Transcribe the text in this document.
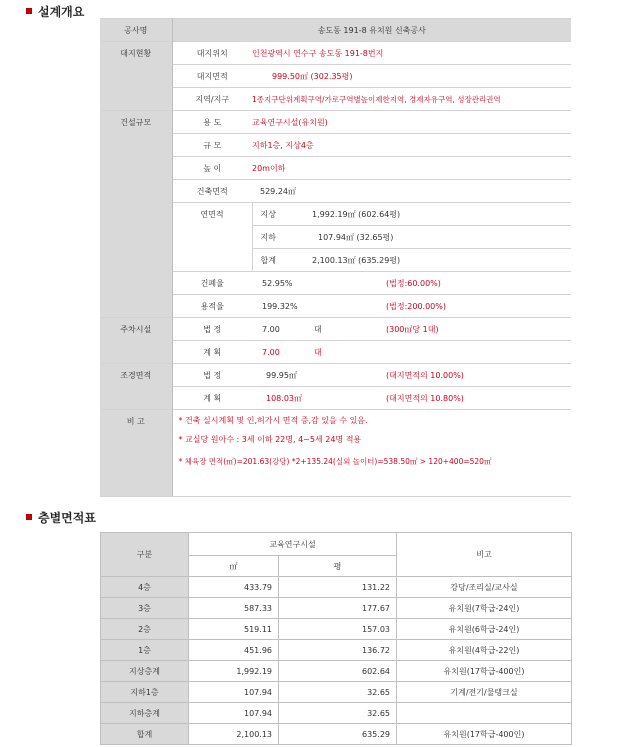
설계개요
공사명	송도동 191-8 유치원 신축공사			
대지현황	대지위치	인천광역시 연수구 송도동 191-8번지		
	대지면적	999.50㎡ (302.35평)		
	지역/지구	1종지구단위계획구역/가로구역별높이제한지역, 경제자유구역, 성장관리권역		
건설규모	용 도	교육연구시설(유치원)		
	규 모	지하1층, 지상4층		
	높 이	20m이하		
	건축면적	529.24㎡		
	연면적	지상	1,992.19㎡ (602.64평)	
		지하	107.94㎡ (32.65평)	
		합계	2,100.13㎡ (635.29평)	
	건폐율	52.95%		(법정:60.00%)
	용적율	199.32%		(법정:200.00%)
주차시설	법 정	7.00	대	(300㎡당 1대)
	계 획	7.00	대	
조경면적	법 정	99.95㎡		(대지면적의 10.00%)
	계 획	108.03㎡		(대지면적의 10.80%)
비 고	* 건축 실시계획 및 인,허가시 면적 증,감 있을 수 있음.
* 교실당 원아수 : 3세 이하 22명, 4~5세 24명 적용
* 체육장 면적(㎡)=201.63(강당) *2+135.24(실외 놀이터)=538.50㎡ > 120+400=520㎡			
층별면적표
구분	교육연구시설		비고
	㎡	평	
4층	433.79	131.22	강당/조리실/교사실
3층	587.33	177.67	유치원(7학급-24인)
2층	519.11	157.03	유치원(6학급-24인)
1층	451.96	136.72	유치원(4학급-22인)
지상층계	1,992.19	602.64	유치원(17학급-400인)
지하1층	107.94	32.65	기계/전기/물탱크실
지하층계	107.94	32.65	
합계	2,100.13	635.29	유치원(17학급-400인)
